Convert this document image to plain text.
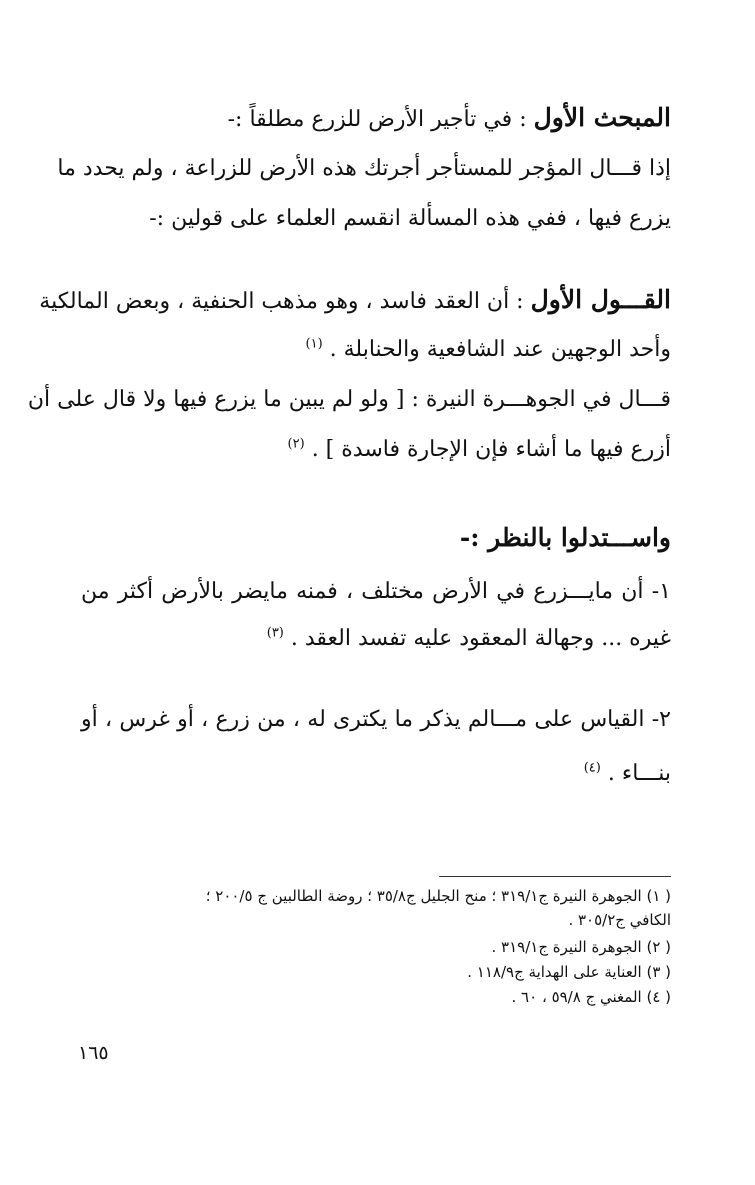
المبحث الأول : في تأجير الأرض للزرع مطلقاً :-
إذا قـــال المؤجر للمستأجر أجرتك هذه الأرض للزراعة ، ولم يحدد ما
يزرع فيها ، ففي هذه المسألة انقسم العلماء على قولين :-
القـــول الأول : أن العقد فاسد ، وهو مذهب الحنفية ، وبعض المالكية
وأحد الوجهين عند الشافعية والحنابلة . $^{(١)}$
قـــال في الجوهـــرة النيرة : [ ولو لم يبين ما يزرع فيها ولا قال على أن
أزرع فيها ما أشاء فإن الإجارة فاسدة ] . $^{(٢)}$
واســـتدلوا بالنظر :-
١- أن مايـــزرع في الأرض مختلف ، فمنه مايضر بالأرض أكثر من
غيره ... وجهالة المعقود عليه تفسد العقد . $^{(٣)}$
٢- القياس على مـــالم يذكر ما يكترى له ، من زرع ، أو غرس ، أو
بنـــاء . $^{(٤)}$
( ١) الجوهرة النيرة ج٣١٩/١ ؛ منح الجليل ج٣٥/٨ ؛ روضة الطالبين ج ٢٠٠/٥ ؛
الكافي ج٣٠٥/٢ .
( ٢) الجوهرة النيرة ج٣١٩/١ .
( ٣) العناية على الهداية ج١١٨/٩ .
( ٤) المغني ج ٥٩/٨ ، ٦٠ .
١٦٥
